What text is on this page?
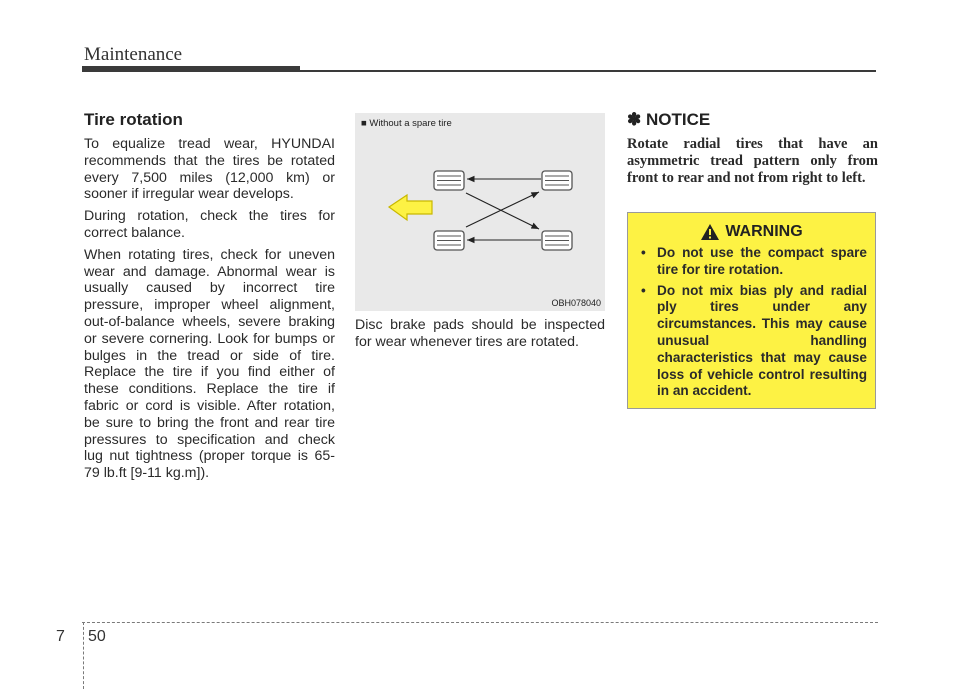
Maintenance
Tire rotation

To equalize tread wear, HYUNDAI recommends that the tires be rotated every 7,500 miles (12,000 km) or sooner if irregular wear develops.

During rotation, check the tires for correct balance.

When rotating tires, check for uneven wear and damage. Abnormal wear is usually caused by incorrect tire pressure, improper wheel alignment, out-of-balance wheels, severe braking or severe cornering. Look for bumps or bulges in the tread or side of tire. Replace the tire if you find either of these conditions. Replace the tire if fabric or cord is visible. After rotation, be sure to bring the front and rear tire pressures to specification and check lug nut tightness (proper torque is 65-79 lb.ft [9-11 kg.m]).

■ Without a spare tire
OBH078040

Disc brake pads should be inspected for wear whenever tires are rotated.

✽ NOTICE

Rotate radial tires that have an asymmetric tread pattern only from front to rear and not from right to left.

WARNING
• Do not use the compact spare tire for tire rotation.
• Do not mix bias ply and radial ply tires under any circumstances. This may cause unusual handling characteristics that may cause loss of vehicle control resulting in an accident.
7 50
